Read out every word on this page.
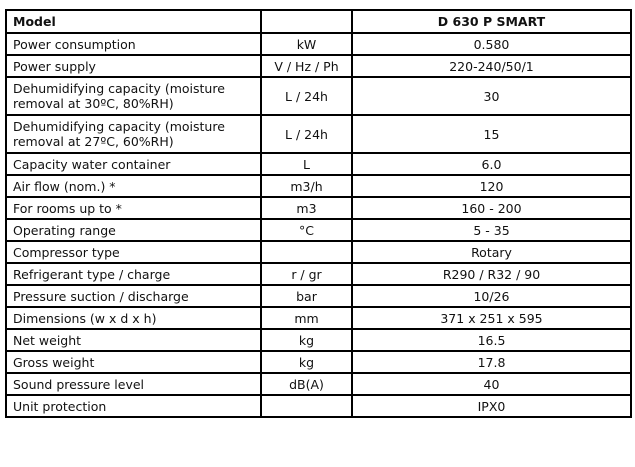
Model		D 630 P SMART
Power consumption	kW	0.580
Power supply	V / Hz / Ph	220-240/50/1
Dehumidifying capacity (moisture removal at 30ºC, 80%RH)	L / 24h	30
Dehumidifying capacity (moisture removal at 27ºC, 60%RH)	L / 24h	15
Capacity water container	L	6.0
Air flow (nom.) *	m3/h	120
For rooms up to *	m3	160 - 200
Operating range	°C	5 - 35
Compressor type		Rotary
Refrigerant type / charge	r / gr	R290 / R32 / 90
Pressure suction / discharge	bar	10/26
Dimensions (w x d x h)	mm	371 x 251 x 595
Net weight	kg	16.5
Gross weight	kg	17.8
Sound pressure level	dB(A)	40
Unit protection		IPX0
